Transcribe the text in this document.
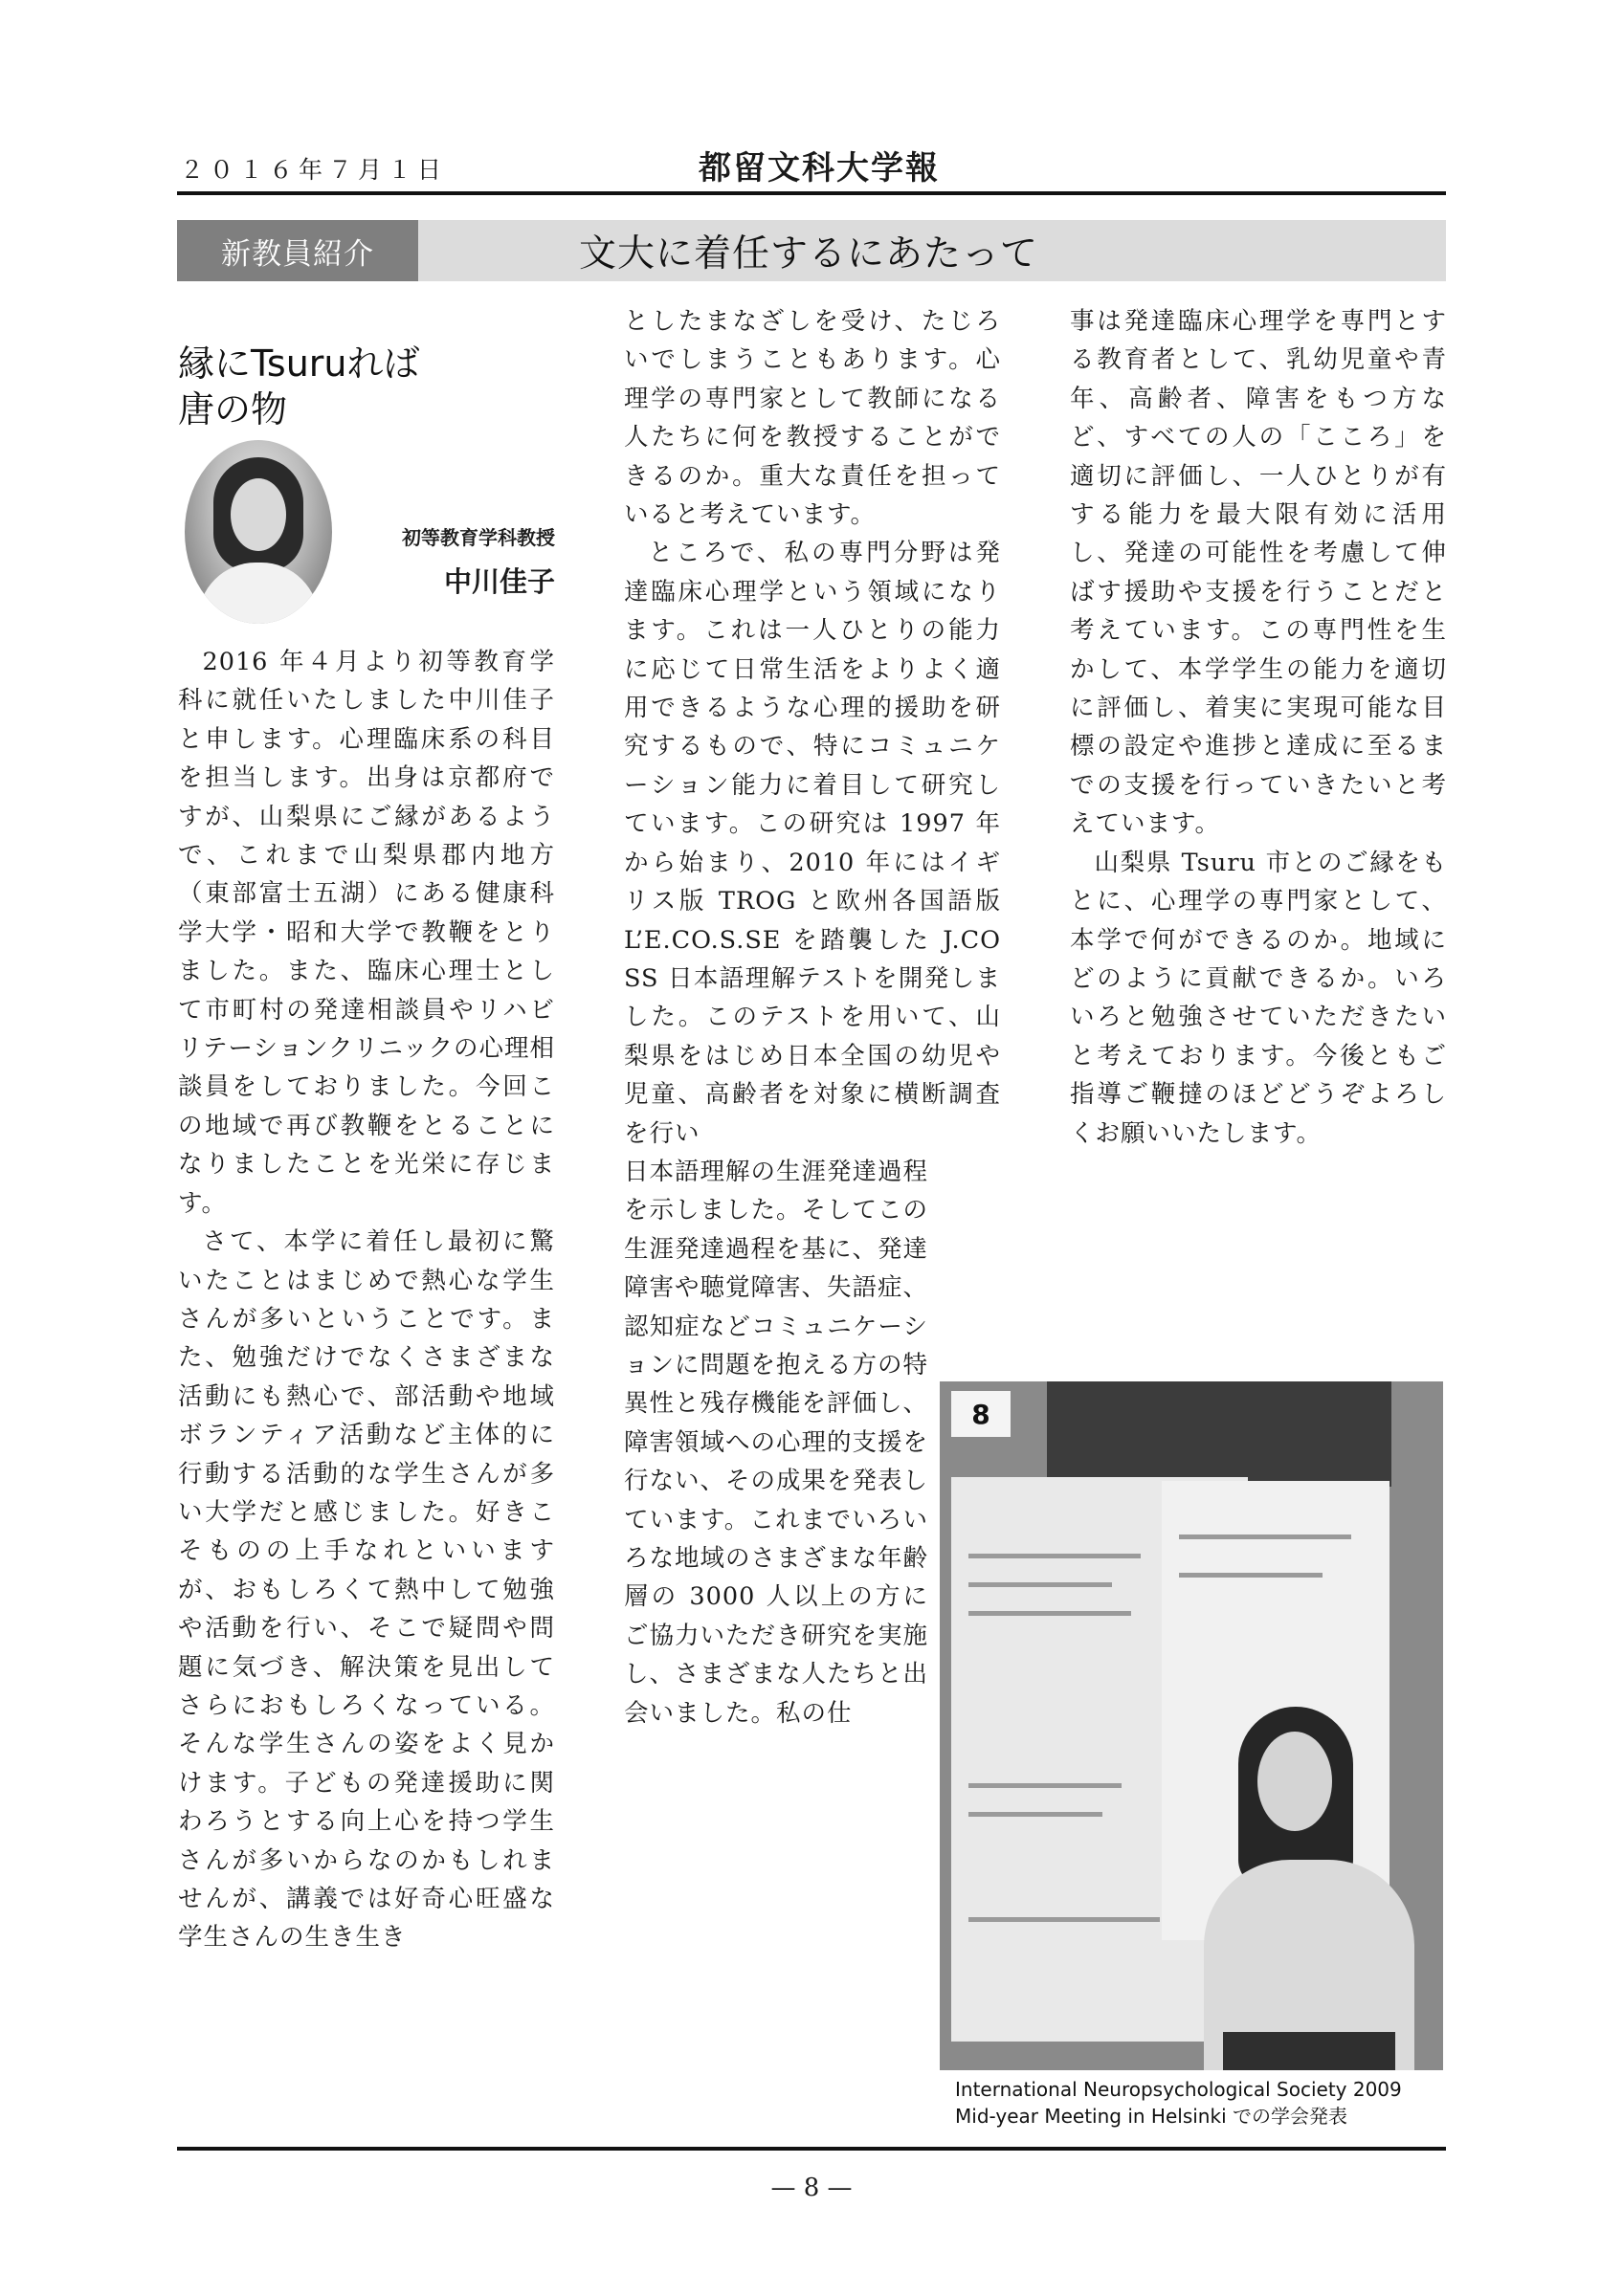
２０１６年７月１日	都留文科大学報
新教員紹介	文大に着任するにあたって
縁にTsuruれば
唐の物
初等教育学科教授
中川佳子

2016 年４月より初等教育学科に就任いたしました中川佳子と申します。心理臨床系の科目を担当します。出身は京都府ですが、山梨県にご縁があるようで、これまで山梨県郡内地方（東部富士五湖）にある健康科学大学・昭和大学で教鞭をとりました。また、臨床心理士として市町村の発達相談員やリハビリテーションクリニックの心理相談員をしておりました。今回この地域で再び教鞭をとることになりましたことを光栄に存じます。

さて、本学に着任し最初に驚いたことはまじめで熱心な学生さんが多いということです。また、勉強だけでなくさまざまな活動にも熱心で、部活動や地域ボランティア活動など主体的に行動する活動的な学生さんが多い大学だと感じました。好きこそものの上手なれといいますが、おもしろくて熱中して勉強や活動を行い、そこで疑問や問題に気づき、解決策を見出してさらにおもしろくなっている。そんな学生さんの姿をよく見かけます。子どもの発達援助に関わろうとする向上心を持つ学生さんが多いからなのかもしれませんが、講義では好奇心旺盛な学生さんの生き生き

としたまなざしを受け、たじろいでしまうこともあります。心理学の専門家として教師になる人たちに何を教授することができるのか。重大な責任を担っていると考えています。

ところで、私の専門分野は発達臨床心理学という領域になります。これは一人ひとりの能力に応じて日常生活をよりよく適用できるような心理的援助を研究するもので、特にコミュニケーション能力に着目して研究しています。この研究は 1997 年から始まり、2010 年にはイギリス版 TROG と欧州各国語版 L’E.CO.S.SE を踏襲した J.COSS 日本語理解テストを開発しました。このテストを用いて、山梨県をはじめ日本全国の幼児や児童、高齢者を対象に横断調査を行い

日本語理解の生涯発達過程を示しました。そしてこの生涯発達過程を基に、発達障害や聴覚障害、失語症、認知症などコミュニケーションに問題を抱える方の特異性と残存機能を評価し、障害領域への心理的支援を行ない、その成果を発表しています。これまでいろいろな地域のさまざまな年齢層の 3000 人以上の方にご協力いただき研究を実施し、さまざまな人たちと出会いました。私の仕

事は発達臨床心理学を専門とする教育者として、乳幼児童や青年、高齢者、障害をもつ方など、すべての人の「こころ」を適切に評価し、一人ひとりが有する能力を最大限有効に活用し、発達の可能性を考慮して伸ばす援助や支援を行うことだと考えています。この専門性を生かして、本学学生の能力を適切に評価し、着実に実現可能な目標の設定や進捗と達成に至るまでの支援を行っていきたいと考えています。

山梨県 Tsuru 市とのご縁をもとに、心理学の専門家として、本学で何ができるのか。地域にどのように貢献できるか。いろいろと勉強させていただきたいと考えております。今後ともご指導ご鞭撻のほどどうぞよろしくお願いいたします。

8
International Neuropsychological Society 2009
Mid-year Meeting in Helsinki での学会発表
— 8 —
